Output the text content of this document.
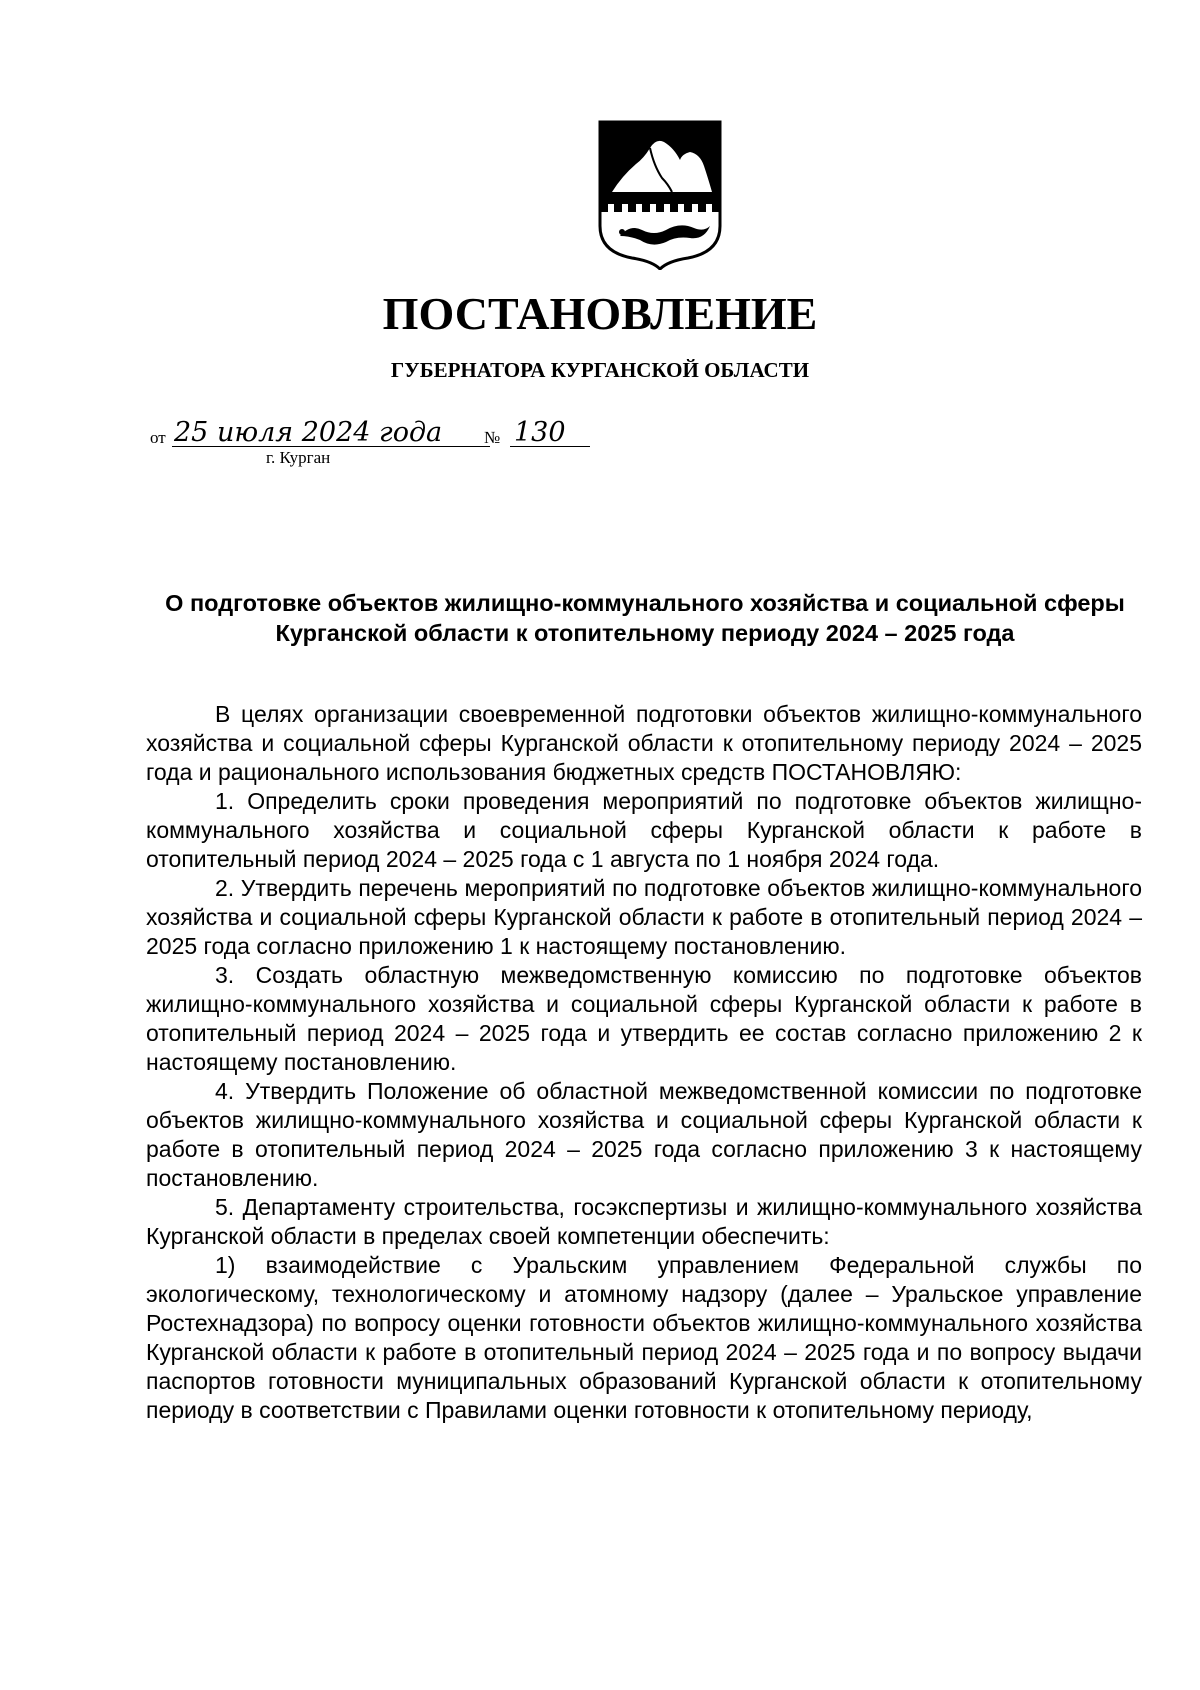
ПОСТАНОВЛЕНИЕ
ГУБЕРНАТОРА КУРГАНСКОЙ ОБЛАСТИ
от 25 июля 2024 года № 130
г. Курган
О подготовке объектов жилищно-коммунального хозяйства и социальной сферы Курганской области к отопительному периоду 2024 – 2025 года

В целях организации своевременной подготовки объектов жилищно-коммунального хозяйства и социальной сферы Курганской области к отопительному периоду 2024 – 2025 года и рационального использования бюджетных средств ПОСТАНОВЛЯЮ:

1. Определить сроки проведения мероприятий по подготовке объектов жилищно-коммунального хозяйства и социальной сферы Курганской области к работе в отопительный период 2024 – 2025 года с 1 августа по 1 ноября 2024 года.

2. Утвердить перечень мероприятий по подготовке объектов жилищно-коммунального хозяйства и социальной сферы Курганской области к работе в отопительный период 2024 – 2025 года согласно приложению 1 к настоящему постановлению.

3. Создать областную межведомственную комиссию по подготовке объектов жилищно-коммунального хозяйства и социальной сферы Курганской области к работе в отопительный период 2024 – 2025 года и утвердить ее состав согласно приложению 2 к настоящему постановлению.

4. Утвердить Положение об областной межведомственной комиссии по подготовке объектов жилищно-коммунального хозяйства и социальной сферы Курганской области к работе в отопительный период 2024 – 2025 года согласно приложению 3 к настоящему постановлению.

5. Департаменту строительства, госэкспертизы и жилищно-коммунального хозяйства Курганской области в пределах своей компетенции обеспечить:

1) взаимодействие с Уральским управлением Федеральной службы по экологическому, технологическому и атомному надзору (далее – Уральское управление Ростехнадзора) по вопросу оценки готовности объектов жилищно-коммунального хозяйства Курганской области к работе в отопительный период 2024 – 2025 года и по вопросу выдачи паспортов готовности муниципальных образований Курганской области к отопительному периоду в соответствии с Правилами оценки готовности к отопительному периоду,
